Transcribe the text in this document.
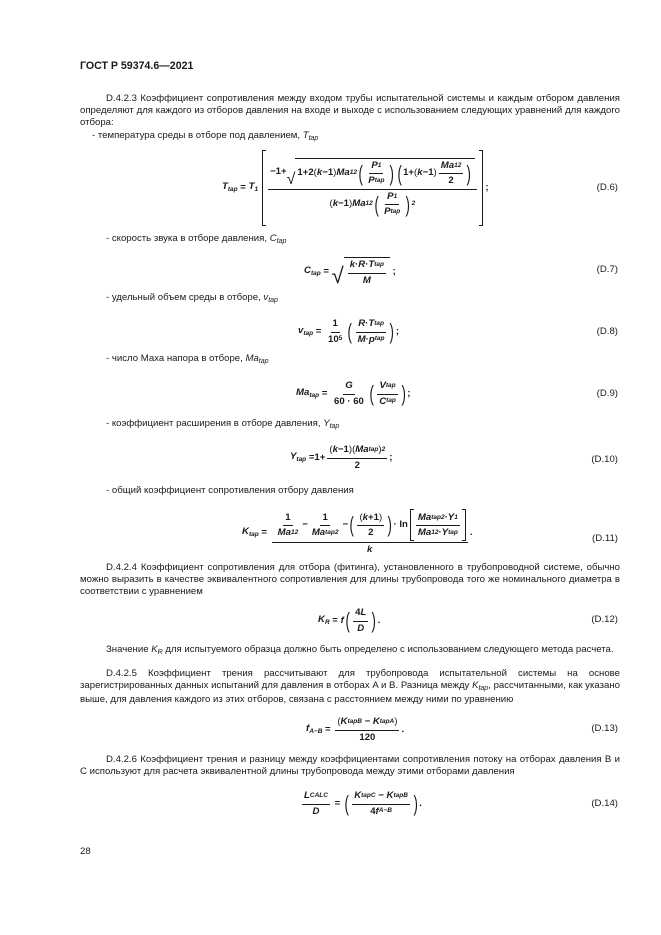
ГОСТ Р 59374.6—2021
D.4.2.3 Коэффициент сопротивления между входом трубы испытательной системы и каждым отбором давления определяют для каждого из отборов давления на входе и выходе с использованием следующих уравнений для каждого отбора:
- температура среды в отборе под давлением, $T_{tap}$
$T_{tap} = T_1$
−1+ √ 1+2 ( k −1 ) Ma 1 2 ( P 1
P tap ) ( 1+ ( k −1 )
Ma 1 2
2 )
( k −1 ) Ma 1 2 ( P 1
P tap ) 2
;	(D.6)
- скорость звука в отборе давления, $C_{tap}$
$C_{tap}$ = √ k · R · T tap
M
;	(D.7)
- удельный объем среды в отборе, $v_{tap}$
$v_{tap} = \frac{1}{10 5}$ ( R · T tap
M · p tap ) ;	(D.8)
- число Маха напора в отборе, $Ma_{tap}$
$Ma_{tap} = \frac{G}{60 \cdot 60}$ ( V tap
C tap ) ;	(D.9)
- коэффициент расширения в отборе давления, $Y_{tap}$
$Y_{tap} =1+$
( k −1 ) ( Ma tap ) 2
2
;	(D.10)
- общий коэффициент сопротивления отбору давления
$K_{tap}$ =
1
Ma 1 2
−
1
Ma tap 2
− ( ( k +1 )
2 ) · ln
Ma tap 2 · Y 1
Ma 1 2 · Y tap
k
.
(D.11)
D.4.2.4 Коэффициент сопротивления для отбора (фитинга), установленного в трубопроводной системе, обычно можно выразить в качестве эквивалентного сопротивления для длины трубопровода того же номинального диаметра в соответствии с уравнением
$K_R = f$ ( 4 L
D ) .	(D.12)
Значение $K_R$ для испытуемого образца должно быть определено с использованием следующего метода расчета.
D.4.2.5 Коэффициент трения рассчитывают для трубопровода испытательной системы на основе зарегистрированных данных испытаний для давления в отборах A и B. Разница между $K_{tap}$, рассчитанными, как указано выше, для давления каждого из этих отборов, связана с расстоянием между ними по уравнению
$f_{A-B}$ =
( K tapB − K tapA )
120
.	(D.13)
D.4.2.6 Коэффициент трения и разницу между коэффициентами сопротивления потоку на отборах давления B и C используют для расчета эквивалентной длины трубопровода между этими отборами давления
L CALC
D
= ( K tapC − K tapB
4 f A−B ) .	(D.14)
28
